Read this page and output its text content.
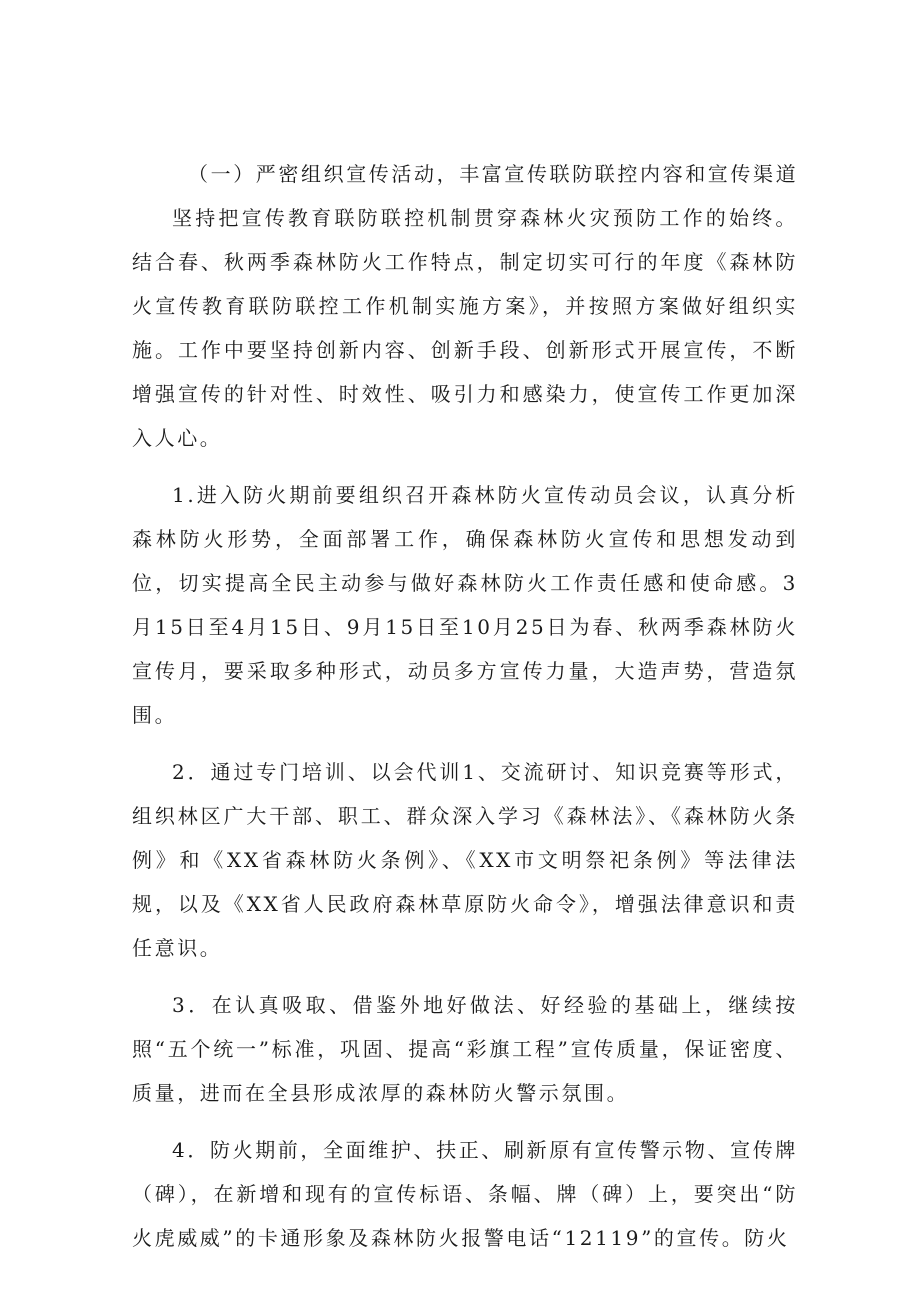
（一）严密组织宣传活动，丰富宣传联防联控内容和宣传渠道

坚持把宣传教育联防联控机制贯穿森林火灾预防工作的始终。结合春、秋两季森林防火工作特点，制定切实可行的年度《森林防火宣传教育联防联控工作机制实施方案》，并按照方案做好组织实施。工作中要坚持创新内容、创新手段、创新形式开展宣传，不断增强宣传的针对性、时效性、吸引力和感染力，使宣传工作更加深入人心。

1.进入防火期前要组织召开森林防火宣传动员会议，认真分析森林防火形势，全面部署工作，确保森林防火宣传和思想发动到位，切实提高全民主动参与做好森林防火工作责任感和使命感。3月15日至4月15日、9月15日至10月25日为春、秋两季森林防火宣传月，要采取多种形式，动员多方宣传力量，大造声势，营造氛围。

2．通过专门培训、以会代训1、交流研讨、知识竞赛等形式，组织林区广大干部、职工、群众深入学习《森林法》、《森林防火条例》和《XX省森林防火条例》、《XX市文明祭祀条例》等法律法规，以及《XX省人民政府森林草原防火命令》，增强法律意识和责任意识。

3．在认真吸取、借鉴外地好做法、好经验的基础上，继续按照“五个统一”标准，巩固、提高“彩旗工程”宣传质量，保证密度、质量，进而在全县形成浓厚的森林防火警示氛围。

4．防火期前，全面维护、扶正、刷新原有宣传警示物、宣传牌（碑），在新增和现有的宣传标语、条幅、牌（碑）上，要突出“防火虎威威”的卡通形象及森林防火报警电话“12119”的宣传。防火
